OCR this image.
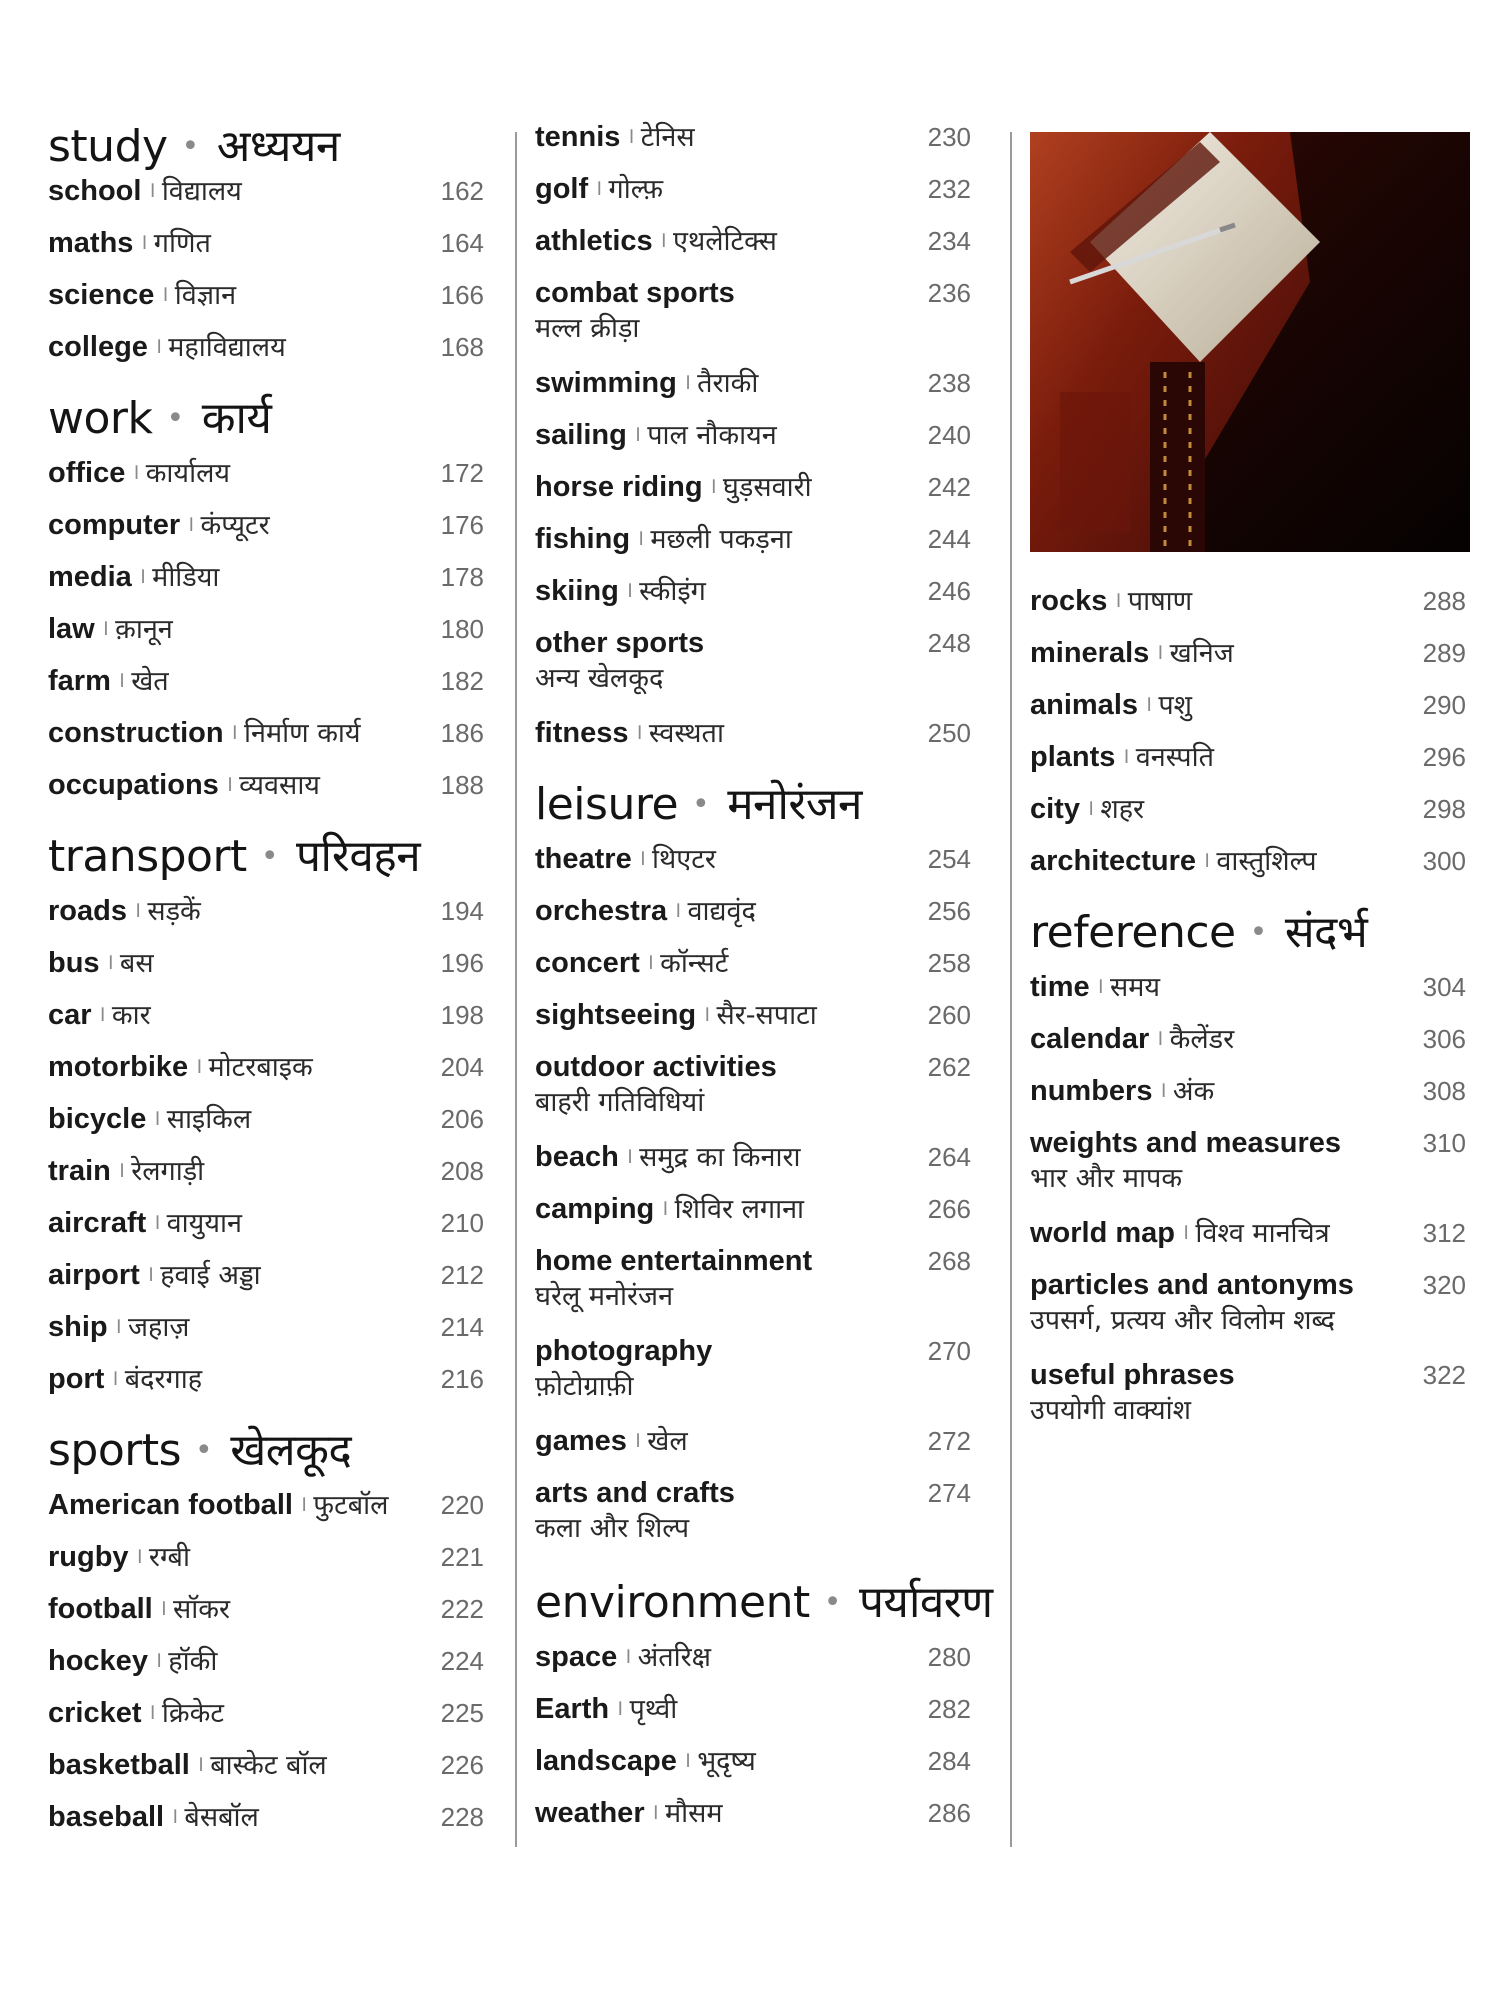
study • अध्ययन
school । विद्यालय	162
maths । गणित	164
science । विज्ञान	166
college । महाविद्यालय	168
work • कार्य
office । कार्यालय	172
computer । कंप्यूटर	176
media । मीडिया	178
law । क़ानून	180
farm । खेत	182
construction । निर्माण कार्य	186
occupations । व्यवसाय	188
transport • परिवहन
roads । सड़कें	194
bus । बस	196
car । कार	198
motorbike । मोटरबाइक	204
bicycle । साइकिल	206
train । रेलगाड़ी	208
aircraft । वायुयान	210
airport । हवाई अड्डा	212
ship । जहाज़	214
port । बंदरगाह	216
sports • खेलकूद
American football । फुटबॉल 220
rugby । रग्बी	221
football । सॉकर	222
hockey । हॉकी	224
cricket । क्रिकेट	225
basketball । बास्केट बॉल	226
baseball । बेसबॉल	228
tennis । टेनिस	230
golf । गोल्फ़	232
athletics । एथलेटिक्स	234
combat sports
मल्ल क्रीड़ा
236
swimming । तैराकी	238
sailing । पाल नौकायन	240
horse riding । घुड़सवारी	242
fishing । मछली पकड़ना	244
skiing । स्कीइंग	246
other sports
अन्य खेलकूद
248
fitness । स्वस्थता	250
leisure • मनोरंजन
theatre । थिएटर	254
orchestra । वाद्यवृंद	256
concert । कॉन्सर्ट	258
sightseeing । सैर-सपाटा	260
outdoor activities
बाहरी गतिविधियां
262
beach । समुद्र का किनारा	264
camping । शिविर लगाना	266
home entertainment
घरेलू मनोरंजन
268
photography
फ़ोटोग्राफ़ी
270
games । खेल	272
arts and crafts
कला और शिल्प
274
environment • पर्यावरण
space । अंतरिक्ष	280
Earth । पृथ्वी	282
landscape । भूदृष्य	284
weather । मौसम	286
rocks । पाषाण	288
minerals । खनिज	289
animals । पशु	290
plants । वनस्पति	296
city । शहर	298
architecture । वास्तुशिल्प	300
reference • संदर्भ
time । समय	304
calendar । कैलेंडर	306
numbers । अंक	308
weights and measures
भार और मापक
310
world map । विश्व मानचित्र	312
particles and antonyms
उपसर्ग, प्रत्यय और विलोम शब्द
320
useful phrases
उपयोगी वाक्यांश
322
